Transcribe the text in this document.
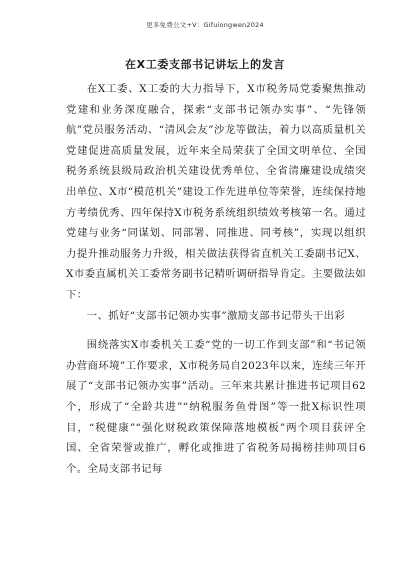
更多免费公文+V：Gifuiongwen2024
在X工委支部书记讲坛上的发言

在X工委、X工委的大力指导下，X市税务局党委聚焦推动党建和业务深度融合，探索“支部书记领办实事”、“先锋领航”党员服务活动、“清风会友”沙龙等做法，着力以高质量机关党建促进高质量发展，近年来全局荣获了全国文明单位、全国税务系统县级局政治机关建设优秀单位、全省清廉建设成绩突出单位、X市“模范机关”建设工作先进单位等荣誉，连续保持地方考绩优秀、四年保持X市税务系统组织绩效考核第一名。通过党建与业务“同谋划、同部署、同推进、同考核”，实现以组织力提升推动服务力升级，相关做法获得省直机关工委副书记X、X市委直属机关工委常务副书记精听调研指导肯定。主要做法如下：

一、抓好“支部书记领办实事”激励支部书记带头干出彩

围绕落实X市委机关工委“党的一切工作到支部”和“书记领办营商环境”工作要求，X市税务局自2023年以来，连续三年开展了“支部书记领办实事”活动。三年来共累计推进书记项目62个，形成了“全龄共进”“纳税服务鱼骨图”等一批X标识性项目，“税健康”“强化财税政策保障落地模板”两个项目获评全国、全省荣誉或推广，孵化或推进了省税务局揭榜挂帅项目6个。全局支部书记每
